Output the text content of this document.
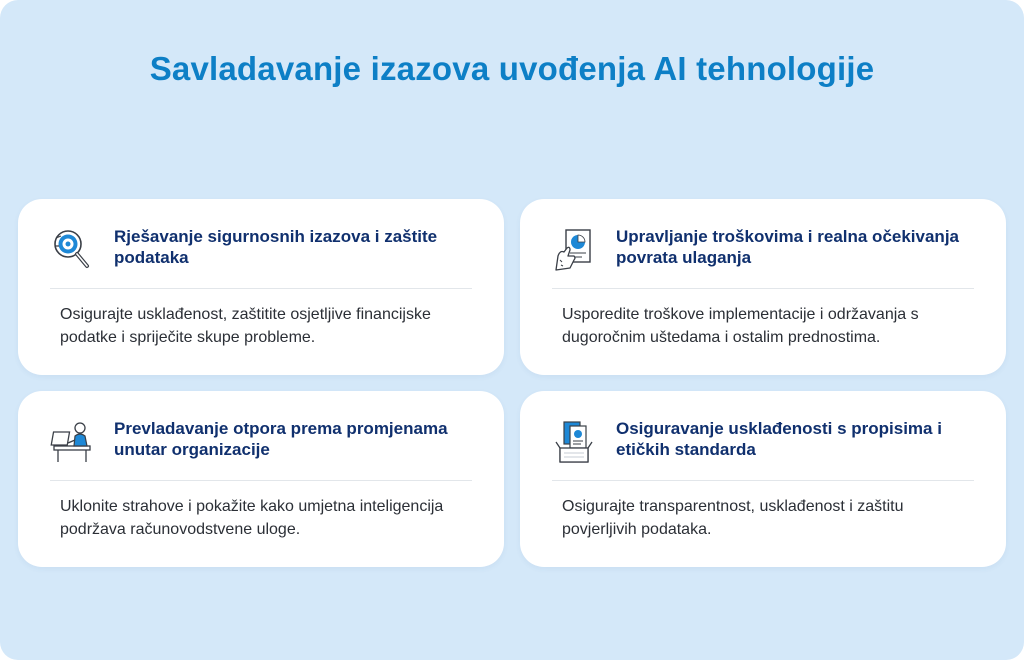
Savladavanje izazova uvođenja AI tehnologije
Rješavanje sigurnosnih izazova i zaštite podataka
Osigurajte usklađenost, zaštitite osjetljive financijske podatke i spriječite skupe probleme.
Upravljanje troškovima i realna očekivanja povrata ulaganja
Usporedite troškove implementacije i održavanja s dugoročnim uštedama i ostalim prednostima.
Prevladavanje otpora prema promjenama unutar organizacije
Uklonite strahove i pokažite kako umjetna inteligencija podržava računovodstvene uloge.
Osiguravanje usklađenosti s propisima i etičkih standarda
Osigurajte transparentnost, usklađenost i zaštitu povjerljivih podataka.
